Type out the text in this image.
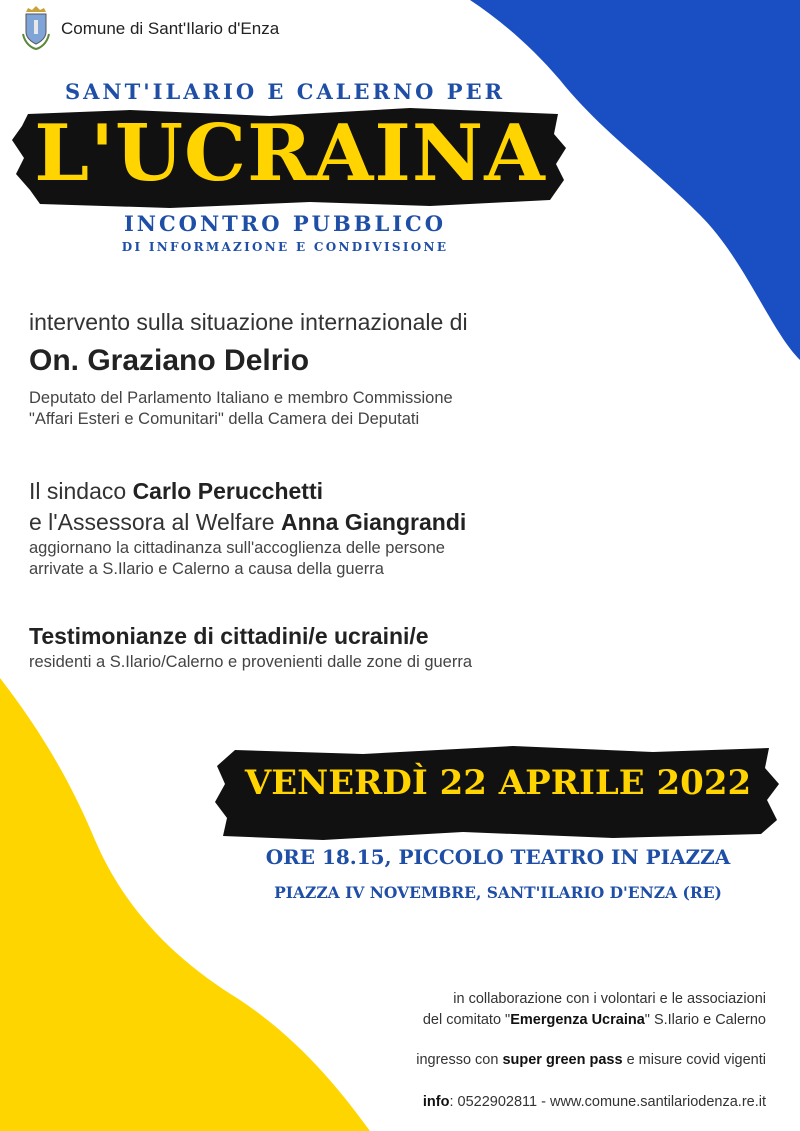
Comune di Sant'Ilario d'Enza
SANT'ILARIO E CALERNO PER
L'UCRAINA
INCONTRO PUBBLICO
DI INFORMAZIONE E CONDIVISIONE
intervento sulla situazione internazionale di
On. Graziano Delrio
Deputato del Parlamento Italiano e membro Commissione
"Affari Esteri e Comunitari" della Camera dei Deputati
Il sindaco Carlo Perucchetti
e l'Assessora al Welfare Anna Giangrandi
aggiornano la cittadinanza sull'accoglienza delle persone
arrivate a S.Ilario e Calerno a causa della guerra
Testimonianze di cittadini/e ucraini/e
residenti a S.Ilario/Calerno e provenienti dalle zone di guerra
VENERDÌ 22 APRILE 2022
ORE 18.15, PICCOLO TEATRO IN PIAZZA
PIAZZA IV NOVEMBRE, SANT'ILARIO D'ENZA (RE)
in collaborazione con i volontari e le associazioni
del comitato "Emergenza Ucraina" S.Ilario e Calerno
ingresso con super green pass e misure covid vigenti
info: 0522902811 - www.comune.santilariodenza.re.it
